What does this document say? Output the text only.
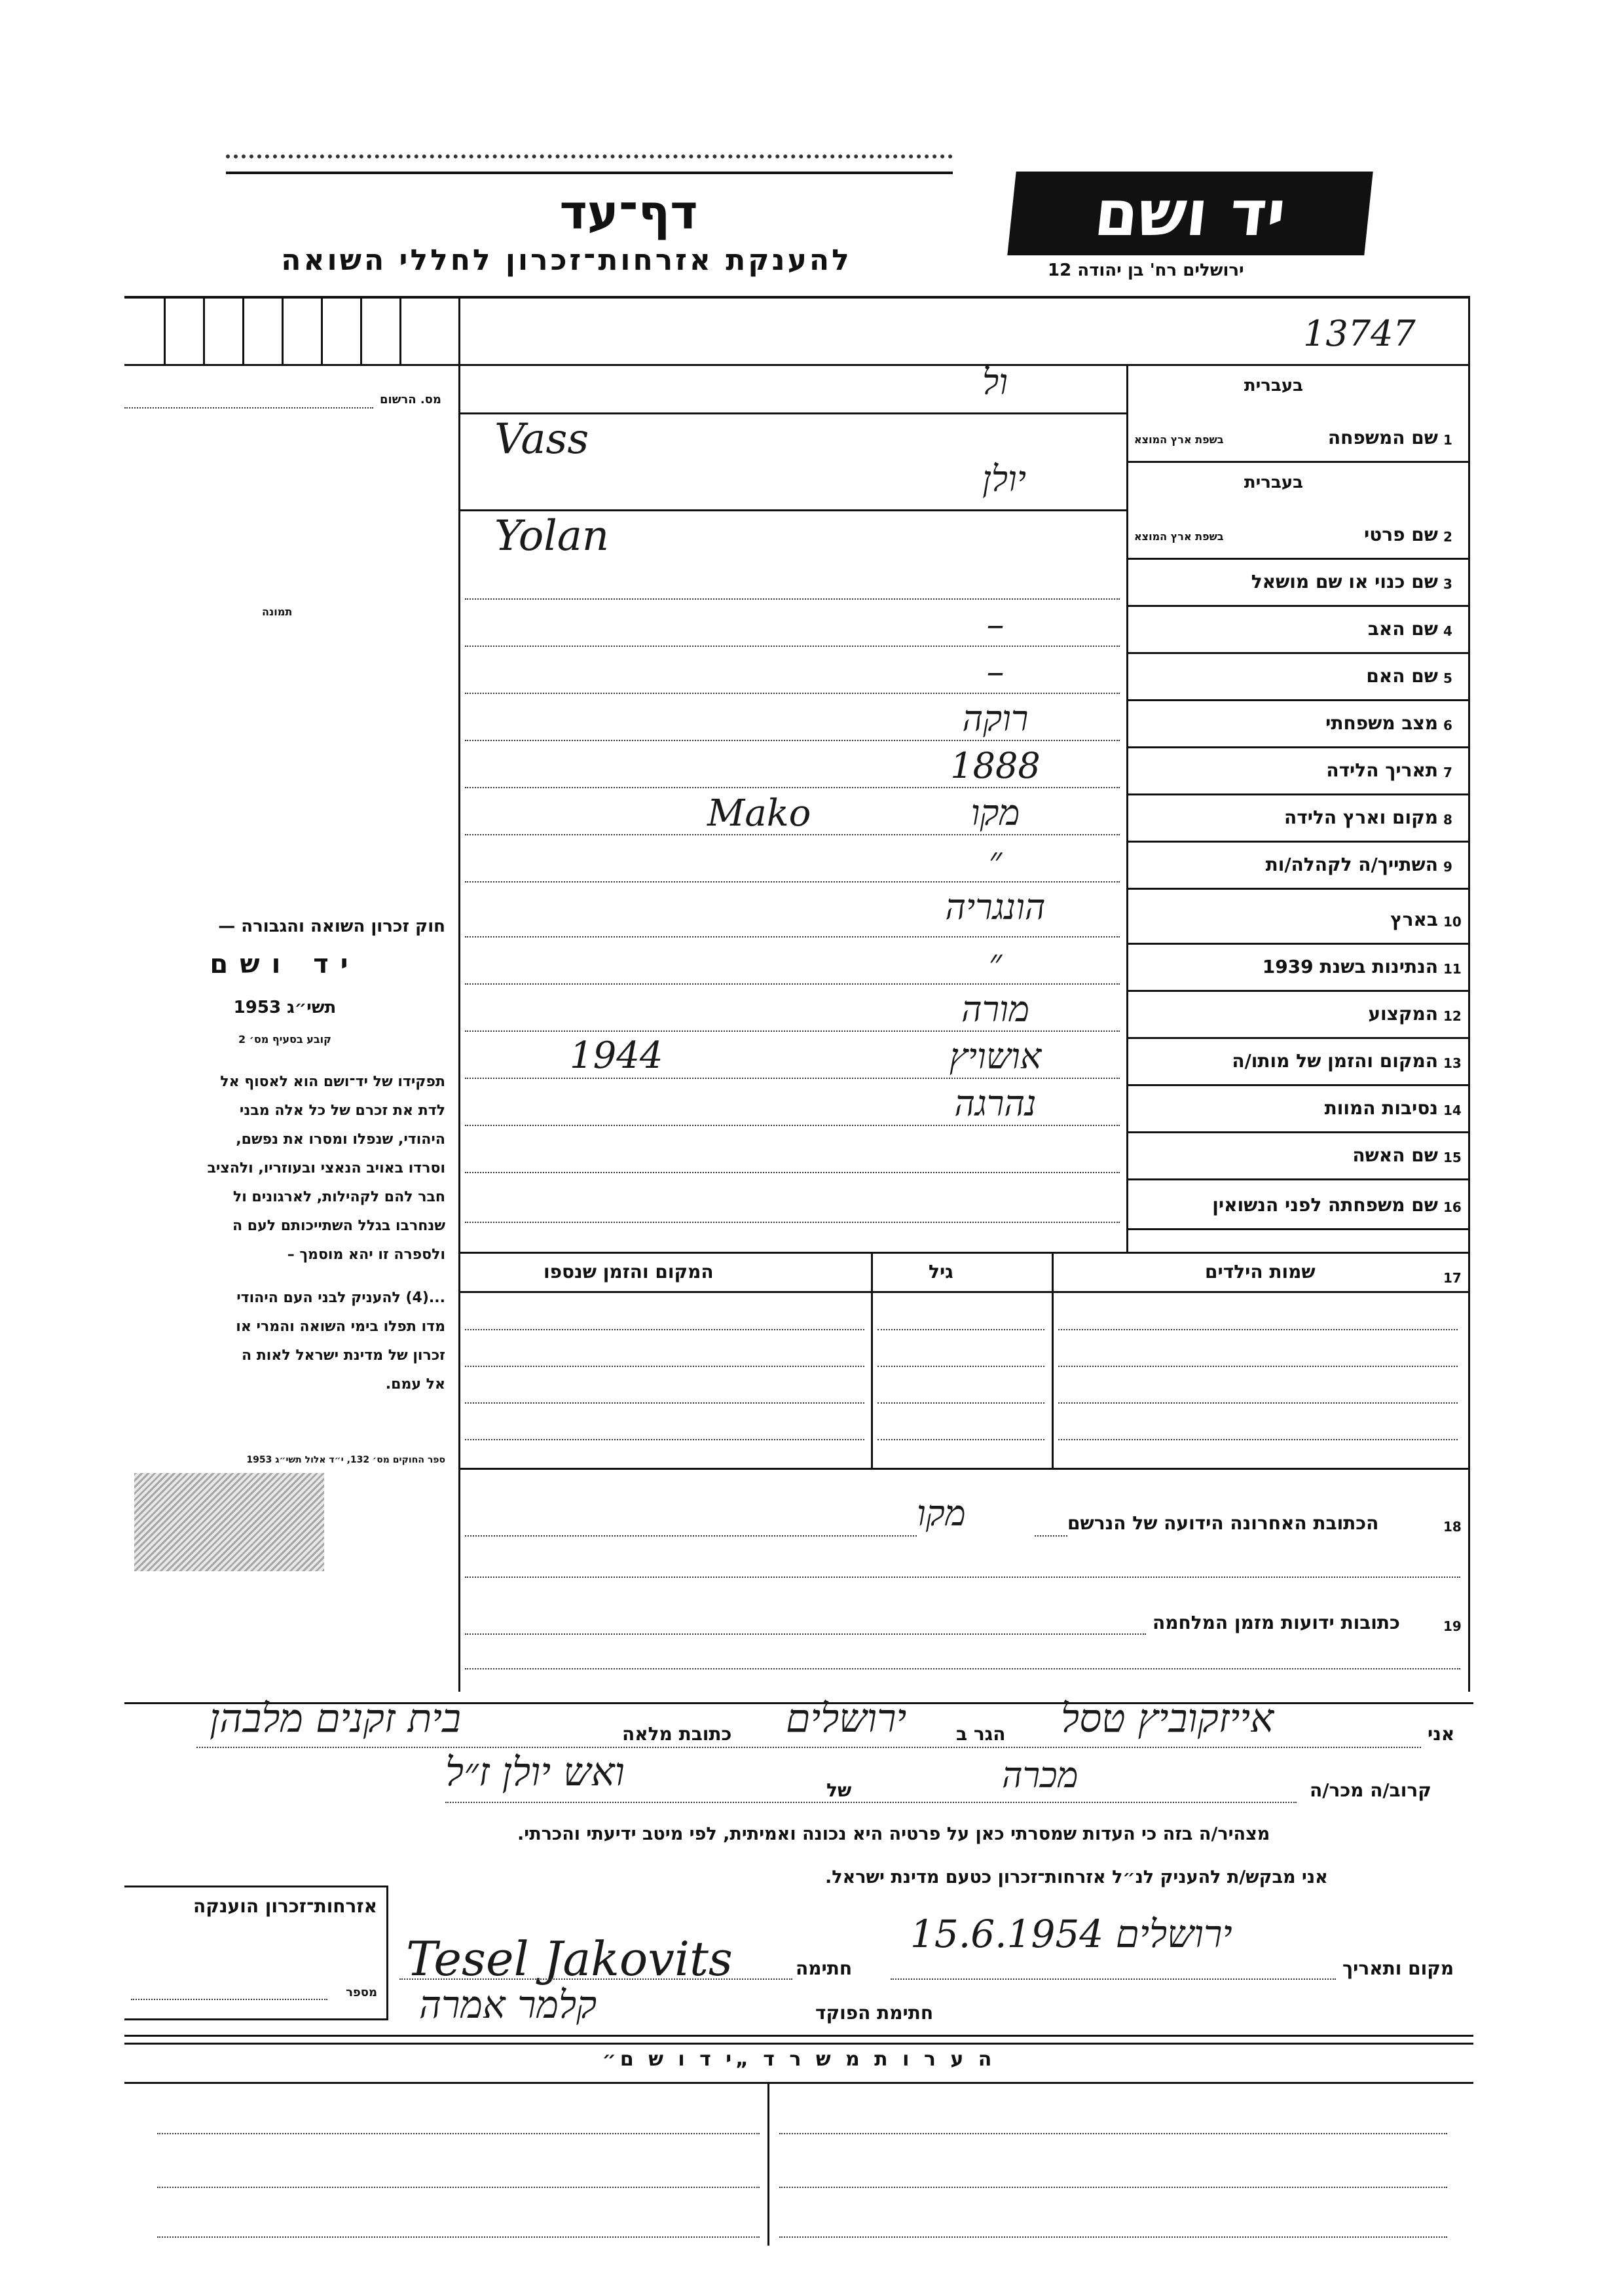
יד ושם
ירושלים רח' בן יהודה 12
דף־עד
להענקת אזרחות־זכרון לחללי השואה
13747
מס. הרשום
תמונה
1
שם המשפחה
בעברית
בשפת ארץ המוצא
ול
Vass
2
שם פרטי
בעברית
בשפת ארץ המוצא
יולן
Yolan
3
שם כנוי או שם מושאל
4
שם האב
–
5
שם האם
–
6
מצב משפחתי
רוקה
7
תאריך הלידה
1888
8
מקום וארץ הלידה
מקו
Mako
9
השתייך/ה לקהלה/ות
״
10
בארץ
הונגריה
11
הנתינות בשנת 1939
״
12
המקצוע
מורה
13
המקום והזמן של מותו/ה
אושויץ
1944
14
נסיבות המוות
נהרגה
15
שם האשה
16
שם משפחתה לפני הנשואין
חוק זכרון השואה והגבורה —
יד ושם
תשי״ג 1953
קובע בסעיף מס׳ 2
תפקידו של יד־ושם הוא לאסוף אל
לדת את זכרם של כל אלה מבני
היהודי, שנפלו ומסרו את נפשם,
וסרדו באויב הנאצי ובעוזריו, ולהציב
חבר להם לקהילות, לארגונים ול
שנחרבו בגלל השתייכותם לעם ה
ולספרה זו יהא מוסמך –
...(4) להעניק לבני העם היהודי
מדו תפלו בימי השואה והמרי או
זכרון של מדינת ישראל לאות ה
אל עמם.
ספר החוקים מס׳ 132, י״ד אלול תשי״ג 1953
שמות הילדים	17
גיל
המקום והזמן שנספו
18
הכתובת האחרונה הידועה של הנרשם
מקו
19
כתובות ידועות מזמן המלחמה
אני
אייזקוביץ טסל
הגר ב
ירושלים
כתובת מלאה
בית זקנים מלבהן
קרוב/ה מכר/ה
מכרה
של
ואש יולן ז״ל
מצהיר/ה בזה כי העדות שמסרתי כאן על פרטיה היא נכונה ואמיתית, לפי מיטב ידיעתי והכרתי.
אני מבקש/ת להעניק לנ״ל אזרחות־זכרון כטעם מדינת ישראל.
אזרחות־זכרון הוענקה
מספר
מקום ותאריך
ירושלים 15.6.1954
חתימה
Tesel Jakovits
חתימת הפוקד
קלמר אמרה
ה ע ר ו ת מ ש ר ד „י ד ו ש ם״
